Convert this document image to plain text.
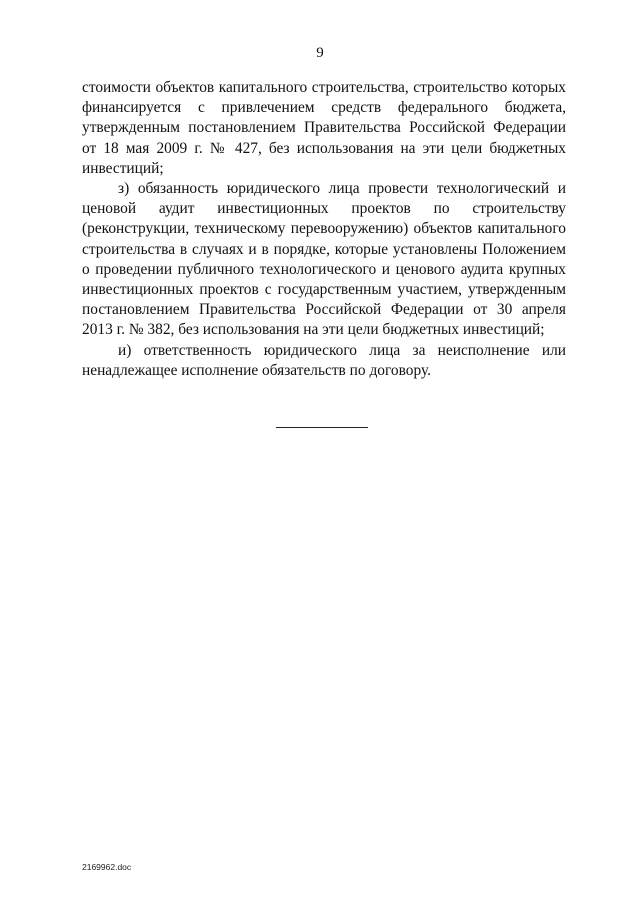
9

стоимости объектов капитального строительства, строительство которых финансируется с привлечением средств федерального бюджета, утвержденным постановлением Правительства Российской Федерации от 18 мая 2009 г. № 427, без использования на эти цели бюджетных инвестиций;

з) обязанность юридического лица провести технологический и ценовой аудит инвестиционных проектов по строительству (реконструкции, техническому перевооружению) объектов капитального строительства в случаях и в порядке, которые установлены Положением о проведении публичного технологического и ценового аудита крупных инвестиционных проектов с государственным участием, утвержденным постановлением Правительства Российской Федерации от 30 апреля 2013 г. № 382, без использования на эти цели бюджетных инвестиций;

и) ответственность юридического лица за неисполнение или ненадлежащее исполнение обязательств по договору.

2169962.doc
